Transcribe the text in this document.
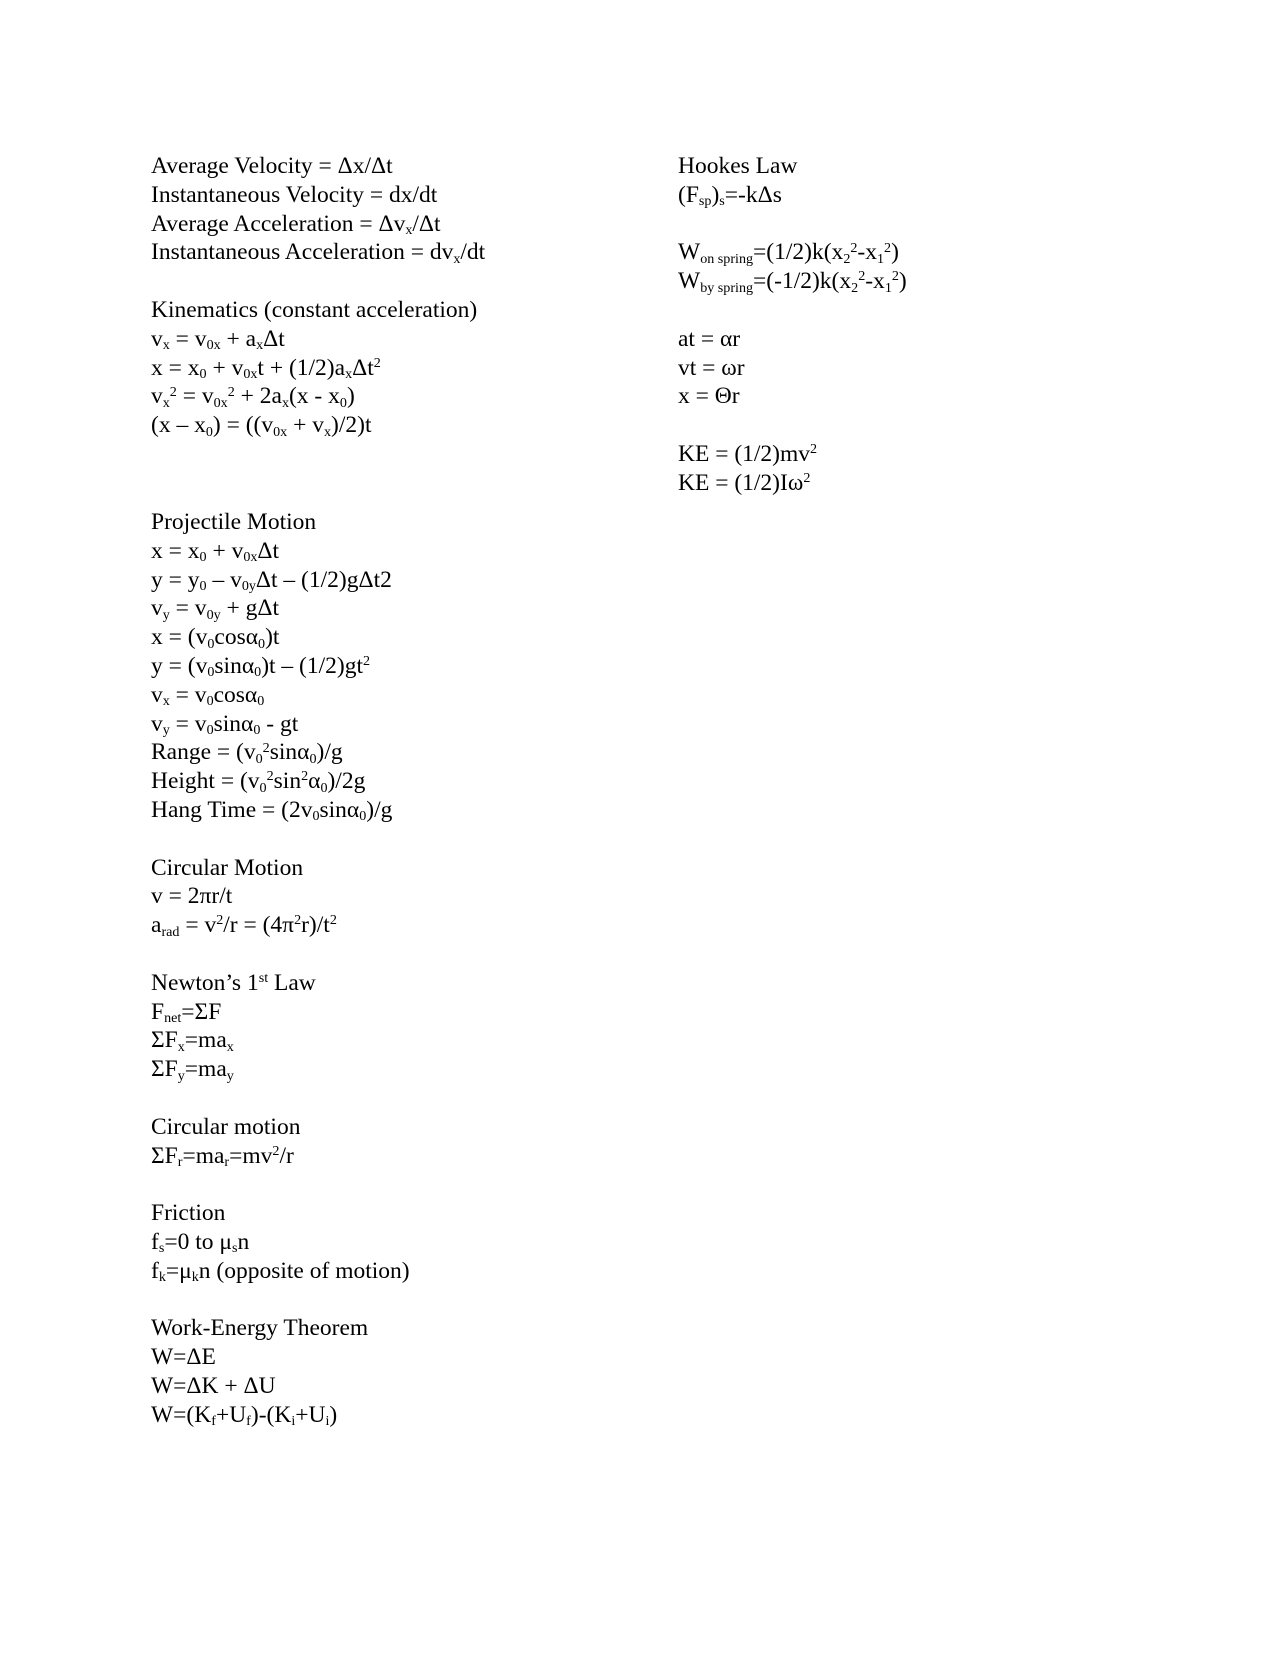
Average Velocity = Δx/Δt
Instantaneous Velocity = dx/dt
Average Acceleration = $\Delta v_x/\Delta t$
Instantaneous Acceleration = $dv_x/dt$
Kinematics (constant acceleration)
$v_x = v_{0x} + a_x\Delta t$
$x = x_0 + v_{0x}t + (1/2)a_x\Delta t^2$
$v_x^2 = v_{0x}^2 + 2a_x(x - x_0)$
$(x - x_0) = ((v_{0x} + v_x)/2)t$
Projectile Motion
$x = x_0 + v_{0x}\Delta t$
$y = y_0 - v_{0y}\Delta t - (1/2)g\Delta t2$
$v_y = v_{0y} + g\Delta t$
$x = (v_0\cos\alpha_0)t$
$y = (v_0\sin\alpha_0)t - (1/2)gt^2$
$v_x = v_0\cos\alpha_0$
$v_y = v_0\sin\alpha_0$ - gt
Range = $(v_0^2\sin\alpha_0)/g$
Height = $(v_0^2\sin^2\alpha_0)/2g$
Hang Time = $(2v_0\sin\alpha_0)/g$
Circular Motion
v = 2πr/t
$a_{rad} = v^2/r = (4\pi^2r)/t^2$
Newton’s 1st Law
$F_{net}=\Sigma F$
$\Sigma F_x=ma_x$
$\Sigma F_y=ma_y$
Circular motion
$\Sigma F_r=ma_r=mv^2/r$
Friction
$f_s=0$ to $\mu_sn$
$f_k=\mu_kn$ (opposite of motion)
Work-Energy Theorem
W=ΔE
W=ΔK + ΔU
$W=(K_f+U_f)-(K_i+U_i)$
Hookes Law
$(F_{sp})_s=$-kΔs
$W_{on spring}=(1/2)k(x_2^2-x_1^2)$
$W_{by spring}=(-1/2)k(x_2^2-x_1^2)$
at = αr
vt = ωr
x = Θr
KE = $(1/2)mv^2$
KE = $(1/2)I\omega^2$
